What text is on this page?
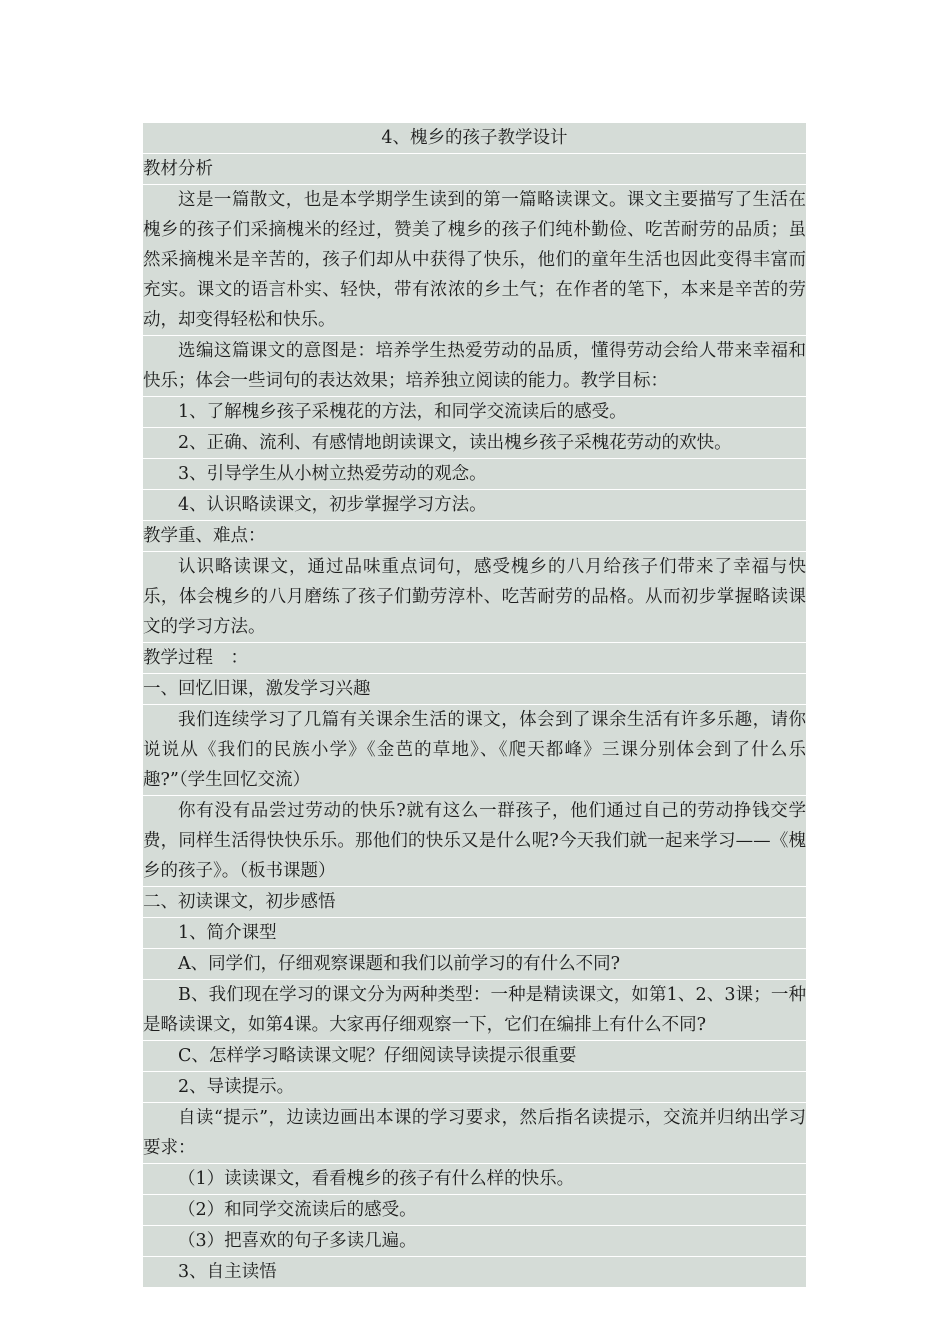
4、槐乡的孩子教学设计
教材分析
这是一篇散文，也是本学期学生读到的第一篇略读课文。课文主要描写了生活在槐乡的孩子们采摘槐米的经过，赞美了槐乡的孩子们纯朴勤俭、吃苦耐劳的品质；虽然采摘槐米是辛苦的，孩子们却从中获得了快乐，他们的童年生活也因此变得丰富而充实。课文的语言朴实、轻快，带有浓浓的乡土气；在作者的笔下，本来是辛苦的劳动，却变得轻松和快乐。
选编这篇课文的意图是：培养学生热爱劳动的品质，懂得劳动会给人带来幸福和快乐；体会一些词句的表达效果；培养独立阅读的能力。教学目标：
1、了解槐乡孩子采槐花的方法，和同学交流读后的感受。
2、正确、流利、有感情地朗读课文，读出槐乡孩子采槐花劳动的欢快。
3、引导学生从小树立热爱劳动的观念。
4、认识略读课文，初步掌握学习方法。
教学重、难点：
认识略读课文，通过品味重点词句，感受槐乡的八月给孩子们带来了幸福与快乐，体会槐乡的八月磨练了孩子们勤劳淳朴、吃苦耐劳的品格。从而初步掌握略读课文的学习方法。
教学过程　：
一、回忆旧课，激发学习兴趣
我们连续学习了几篇有关课余生活的课文，体会到了课余生活有许多乐趣，请你说说从《我们的民族小学》《金芭的草地》、《爬天都峰》三课分别体会到了什么乐趣?”（学生回忆交流）
你有没有品尝过劳动的快乐?就有这么一群孩子，他们通过自己的劳动挣钱交学费，同样生活得快快乐乐。那他们的快乐又是什么呢?今天我们就一起来学习——《槐乡的孩子》。（板书课题）
二、初读课文，初步感悟
1、简介课型
A、同学们，仔细观察课题和我们以前学习的有什么不同?
B、我们现在学习的课文分为两种类型：一种是精读课文，如第1、2、3课；一种是略读课文，如第4课。大家再仔细观察一下，它们在编排上有什么不同?
C、怎样学习略读课文呢？仔细阅读导读提示很重要
2、导读提示。
自读“提示”，边读边画出本课的学习要求，然后指名读提示，交流并归纳出学习要求：
（1）读读课文，看看槐乡的孩子有什么样的快乐。
（2）和同学交流读后的感受。
（3）把喜欢的句子多读几遍。
3、自主读悟
